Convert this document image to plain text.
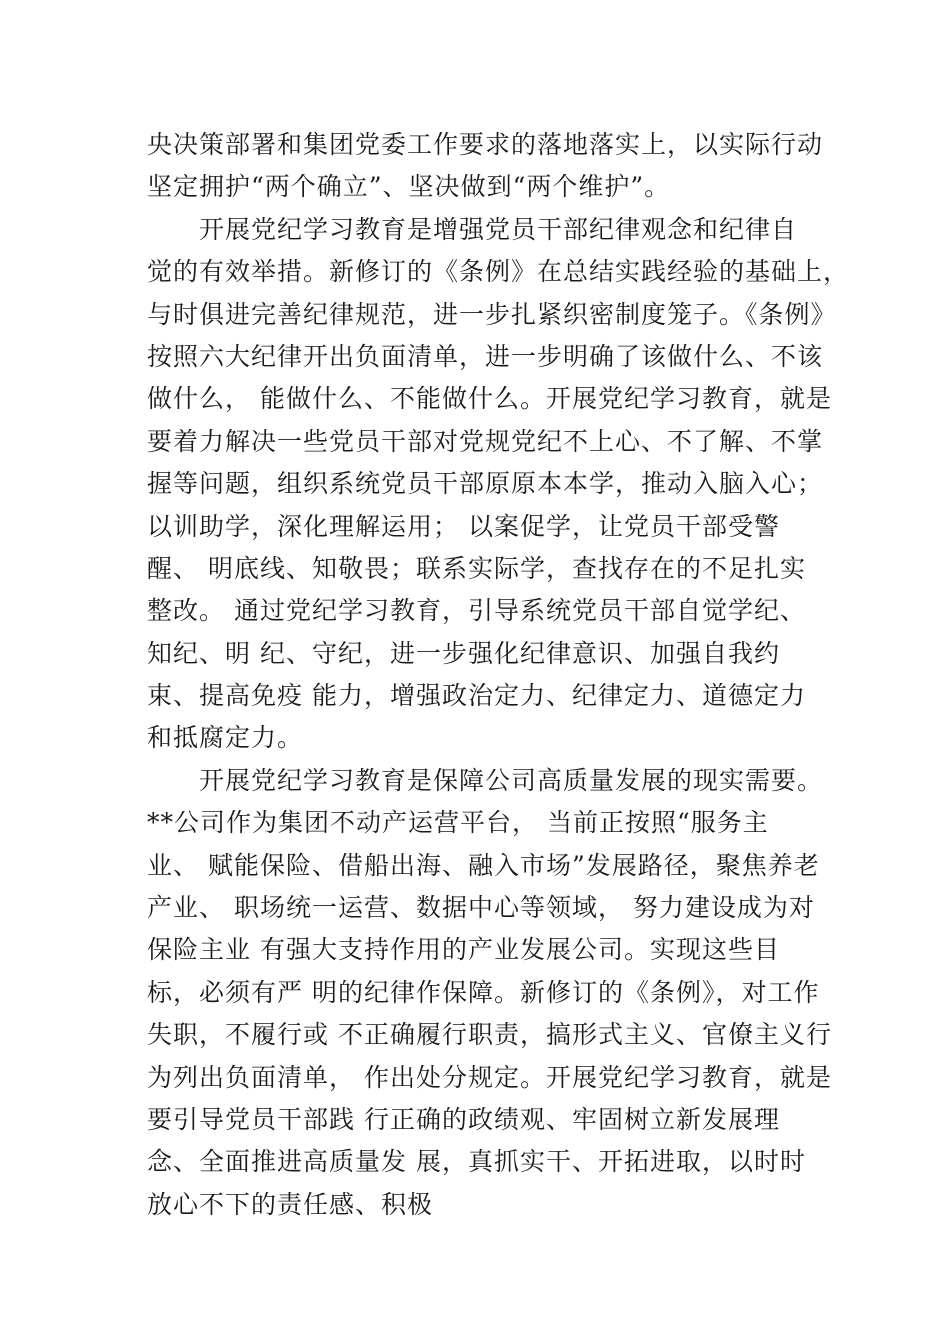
央决策部署和集团党委工作要求的落地落实上，以实际行动
坚定拥护“两个确立”、坚决做到“两个维护”。
　　开展党纪学习教育是增强党员干部纪律观念和纪律自
觉的有效举措。新修订的《条例》在总结实践经验的基础上，
与时俱进完善纪律规范，进一步扎紧织密制度笼子。《条例》
按照六大纪律开出负面清单，进一步明确了该做什么、不该
做什么， 能做什么、不能做什么。开展党纪学习教育，就是
要着力解决一些党员干部对党规党纪不上心、不了解、不掌
握等问题，组织系统党员干部原原本本学，推动入脑入心；
以训助学，深化理解运用； 以案促学，让党员干部受警
醒、 明底线、知敬畏；联系实际学，查找存在的不足扎实
整改。 通过党纪学习教育，引导系统党员干部自觉学纪、
知纪、明 纪、守纪，进一步强化纪律意识、加强自我约
束、提高免疫 能力，增强政治定力、纪律定力、道德定力
和抵腐定力。
　　开展党纪学习教育是保障公司高质量发展的现实需要。
**公司作为集团不动产运营平台， 当前正按照“服务主
业、 赋能保险、借船出海、融入市场”发展路径，聚焦养老
产业、 职场统一运营、数据中心等领域， 努力建设成为对
保险主业 有强大支持作用的产业发展公司。实现这些目
标，必须有严 明的纪律作保障。新修订的《条例》，对工作
失职，不履行或 不正确履行职责，搞形式主义、官僚主义行
为列出负面清单， 作出处分规定。开展党纪学习教育，就是
要引导党员干部践 行正确的政绩观、牢固树立新发展理
念、全面推进高质量发 展，真抓实干、开拓进取，以时时
放心不下的责任感、积极
